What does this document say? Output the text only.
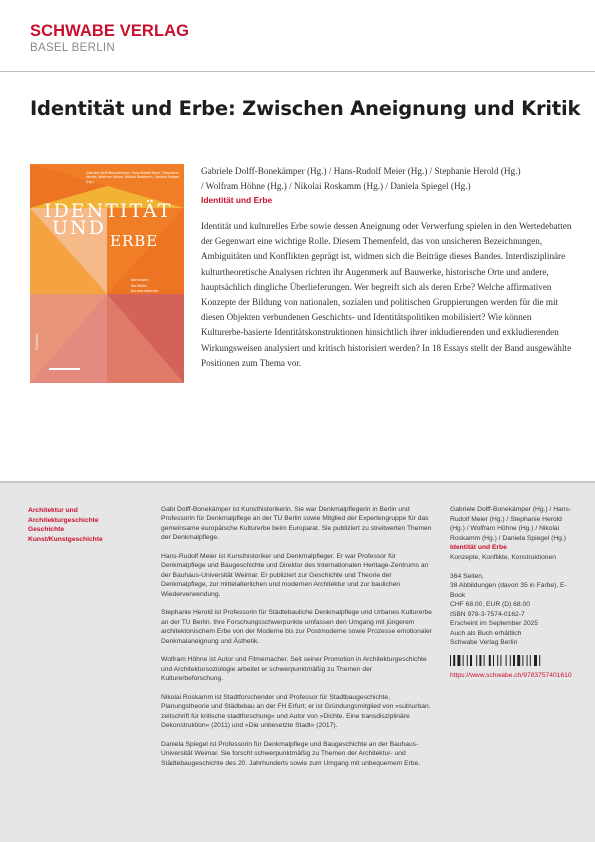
SCHWABE VERLAG
BASEL BERLIN
Identität und Erbe: Zwischen Aneignung und Kritik
Gabriele Dolff-Bonekämper, Hans-Rudolf Meier, Stephanie Herold, Wolfram Höhne, Nikolai Roskamm, Daniela Spiegel (Hg.)
IDENTITÄT
UND
ERBE
Konzepte,
Konflikte,
Konstruktionen
Schwabe
Gabriele Dolff-Bonekämper (Hg.) / Hans-Rudolf Meier (Hg.) / Stephanie Herold (Hg.)
/ Wolfram Höhne (Hg.) / Nikolai Roskamm (Hg.) / Daniela Spiegel (Hg.)
Identität und Erbe

Identität und kulturelles Erbe sowie dessen Aneignung oder Verwerfung spielen in den Wertedebatten der Gegenwart eine wichtige Rolle. Diesem Themenfeld, das von unsicheren Bezeichnungen, Ambiguitäten und Konflikten geprägt ist, widmen sich die Beiträge dieses Bandes. Interdisziplinäre kulturtheoretische Analysen richten ihr Augenmerk auf Bauwerke, historische Orte und andere, hauptsächlich dingliche Überlieferungen. Wer begreift sich als deren Erbe? Welche affirmativen Konzepte der Bildung von nationalen, sozialen und politischen Gruppierungen werden für die mit diesen Objekten verbundenen Geschichts- und Identitätspolitiken mobilisiert? Wie können Kulturerbe-basierte Identitätskonstruktionen hinsichtlich ihrer inkludierenden und exkludierenden Wirkungsweisen analysiert und kritisch historisiert werden? In 18 Essays stellt der Band ausgewählte Positionen zum Thema vor.

Architektur und
Architekturgeschichte
Geschichte
Kunst/Kunstgeschichte

Gabi Dolff-Bonekämper ist Kunsthistorikerin. Sie war Denkmalpflegerin in Berlin und Professorin für Denkmalpflege an der TU Berlin sowie Mitglied der Expertengruppe für das gemeinsame europäische Kulturerbe beim Europarat. Sie publiziert zu streitwerten Themen der Denkmalpflege.

Hans-Rudolf Meier ist Kunsthistoriker und Denkmalpfleger. Er war Professor für Denkmalpflege und Baugeschichte und Direktor des Internationalen Heritage-Zentrums an der Bauhaus-Universität Weimar. Er publiziert zur Geschichte und Theorie der Denkmalpflege, zur mittelalterlichen und modernen Architektur und zur baulichen Wiederverwendung.

Stephanie Herold ist Professorin für Städtebauliche Denkmalpflege und Urbanes Kulturerbe an der TU Berlin. Ihre Forschungsschwerpunkte umfassen den Umgang mit jüngerem architektonischem Erbe von der Moderne bis zur Postmoderne sowie Prozesse emotionaler Denkmalaneignung und Ästhetik.

Wolfram Höhne ist Autor und Filmemacher. Seit seiner Promotion in Architekturgeschichte und Architektursoziologie arbeitet er schwerpunktmäßig zu Themen der Kulturerbeforschung.

Nikolai Roskamm ist Stadtforschender und Professor für Stadtbaugeschichte, Planungstheorie und Städtebau an der FH Erfurt; er ist Gründungsmitglied von »sub\urban. zeitschrift für kritische stadtforschung« und Autor von »Dichte. Eine transdisziplinäre Dekonstruktion« (2011) und »Die unbesetzte Stadt« (2017).

Daniela Spiegel ist Professorin für Denkmalpflege und Baugeschichte an der Bauhaus-Universität Weimar. Sie forscht schwerpunktmäßig zu Themen der Architektur- und Städtebaugeschichte des 20. Jahrhunderts sowie zum Umgang mit unbequemem Erbe.

Gabriele Dolff-Bonekämper (Hg.) / Hans-Rudolf Meier (Hg.) / Stephanie Herold (Hg.) / Wolfram Höhne (Hg.) / Nikolai Roskamm (Hg.) / Daniela Spiegel (Hg.)
Identität und Erbe
Konzepte, Konflikte, Konstruktionen
364 Seiten,
38 Abbildungen (davon 35 in Farbe), E-Book
CHF 68.00, EUR (D) 68.00
ISBN 978-3-7574-0162-7
Erscheint im September 2025
Auch als Buch erhältlich
Schwabe Verlag Berlin
https://www.schwabe.ch/9783757401610
